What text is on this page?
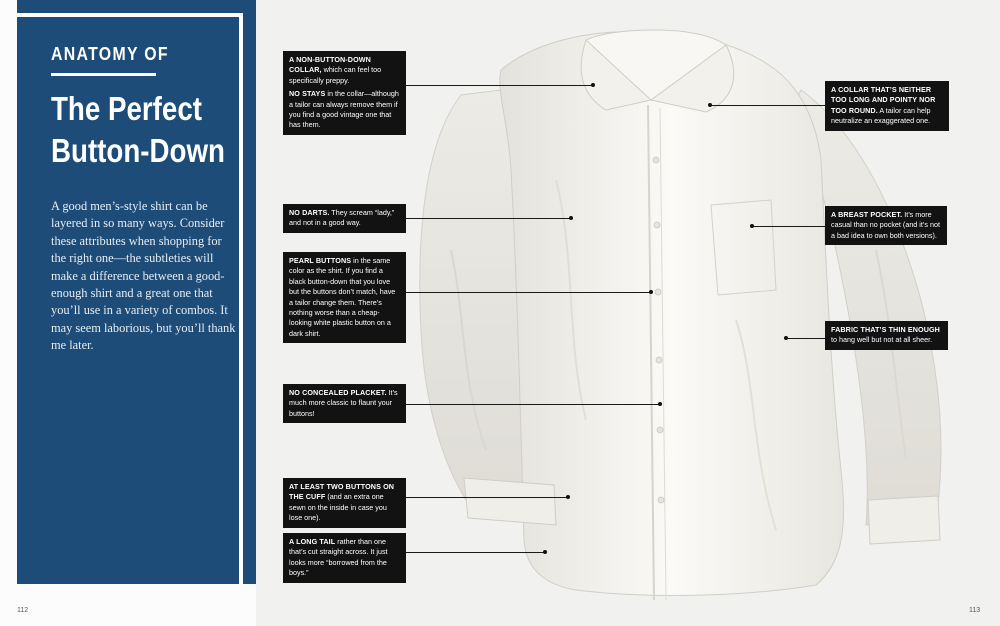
ANATOMY OF
The Perfect
Button-Down

A good men’s-style shirt can be layered in so many ways. Consider these attributes when shopping for the right one—the subtleties will make a difference between a good-enough shirt and a great one that you’ll use in a variety of combos. It may seem laborious, but you’ll thank me later.

112

A NON-BUTTON-DOWN COLLAR, which can feel too specifically preppy.

NO STAYS in the collar—although a tailor can always remove them if you find a good vintage one that has them.

A COLLAR THAT’S NEITHER TOO LONG AND POINTY NOR TOO ROUND. A tailor can help neutralize an exaggerated one.

NO DARTS. They scream “lady,” and not in a good way.

A BREAST POCKET. It’s more casual than no pocket (and it’s not a bad idea to own both versions).

PEARL BUTTONS in the same color as the shirt. If you find a black button-down that you love but the buttons don’t match, have a tailor change them. There’s nothing worse than a cheap-looking white plastic button on a dark shirt.	FABRIC THAT’S THIN ENOUGH to hang well but not at all sheer.

NO CONCEALED PLACKET. It’s much more classic to flaunt your buttons!

AT LEAST TWO BUTTONS ON THE CUFF (and an extra one sewn on the inside in case you lose one).

A LONG TAIL rather than one that’s cut straight across. It just looks more “borrowed from the boys.”

113
